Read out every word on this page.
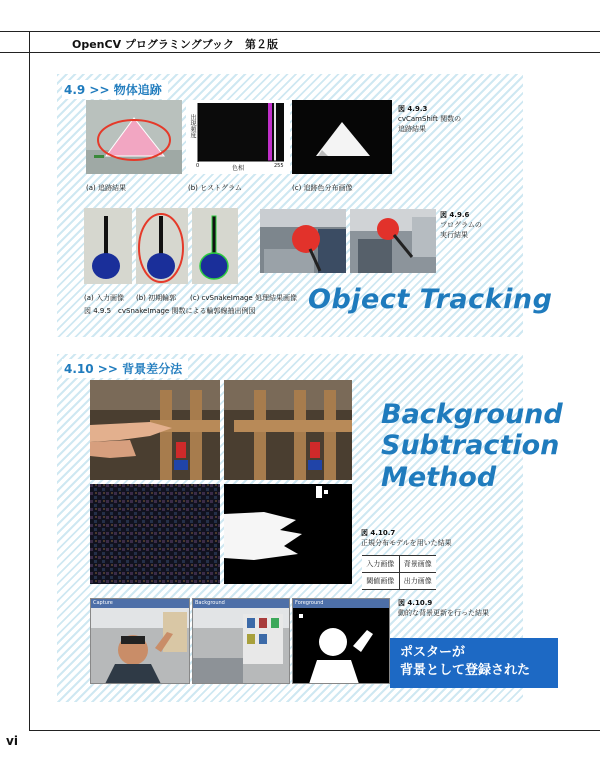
OpenCV プログラミングブック　第２版
vi
4.9 >> 物体追跡
出現頻度
色相
0	255
(a) 追跡結果	(b) ヒストグラム	(c) 追跡色分布画像
図 4.9.3
cvCamShift 関数の
追跡結果
(a) 入力画像 (b) 初期輪郭 (c) cvSnakeImage 処理結果画像
図 4.9.5　cvSnakeImage 関数による輪郭線抽出例図
図 4.9.6
プログラムの
実行結果
Object Tracking
4.10 >> 背景差分法
Background
Subtraction
Method
図 4.10.7
正規分布モデルを用いた結果
入力画像	背景画像
閾値画像	出力画像
Capture	Background	Foreground	図 4.10.9
動的な背景更新を行った結果
ポスターが
背景として登録された
